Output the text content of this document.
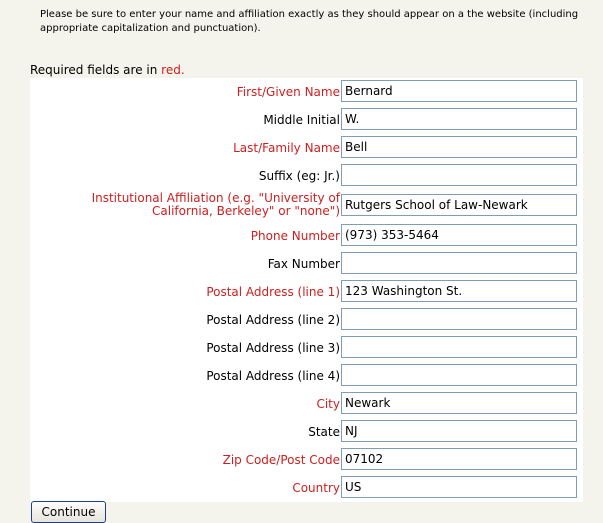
Please be sure to enter your name and affiliation exactly as they should appear on a the website (including appropriate capitalization and punctuation).
Required fields are in red.
First/Given Name
Bernard
Middle Initial
W.
Last/Family Name
Bell
Suffix (eg: Jr.)
Institutional Affiliation (e.g. "University of
California, Berkeley" or "none")
Rutgers School of Law-Newark
Phone Number
(973) 353-5464
Fax Number
Postal Address (line 1)
123 Washington St.
Postal Address (line 2)
Postal Address (line 3)
Postal Address (line 4)
City
Newark
State
NJ
Zip Code/Post Code
07102
Country
US
Continue
